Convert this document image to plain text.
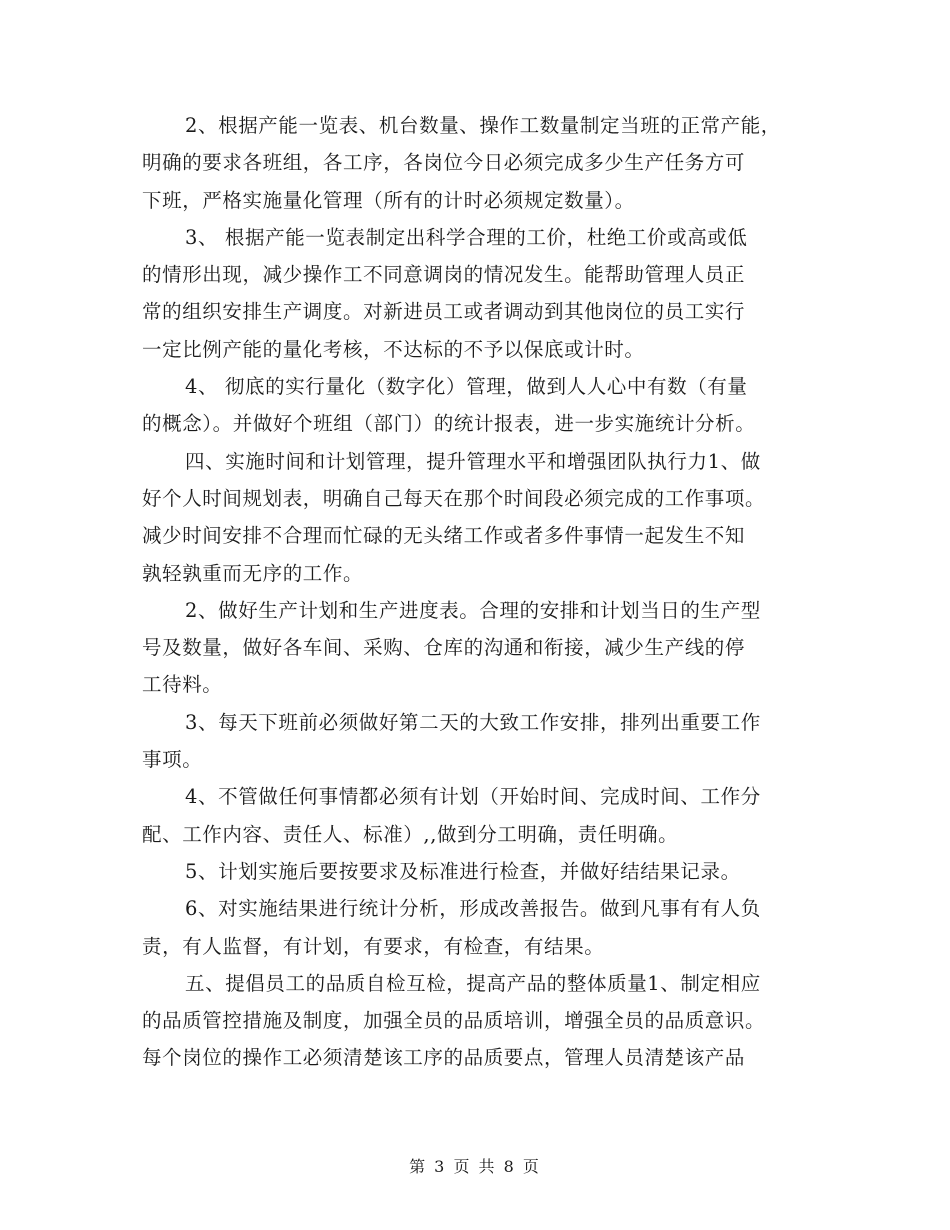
2、根据产能一览表、机台数量、操作工数量制定当班的正常产能，
明确的要求各班组，各工序，各岗位今日必须完成多少生产任务方可
下班，严格实施量化管理（所有的计时必须规定数量）。
3、 根据产能一览表制定出科学合理的工价，杜绝工价或高或低
的情形出现，减少操作工不同意调岗的情况发生。能帮助管理人员正
常的组织安排生产调度。对新进员工或者调动到其他岗位的员工实行
一定比例产能的量化考核，不达标的不予以保底或计时。
4、 彻底的实行量化（数字化）管理，做到人人心中有数（有量
的概念）。并做好个班组（部门）的统计报表，进一步实施统计分析。
四、实施时间和计划管理，提升管理水平和增强团队执行力1、做
好个人时间规划表，明确自己每天在那个时间段必须完成的工作事项。
减少时间安排不合理而忙碌的无头绪工作或者多件事情一起发生不知
孰轻孰重而无序的工作。
2、做好生产计划和生产进度表。合理的安排和计划当日的生产型
号及数量，做好各车间、采购、仓库的沟通和衔接，减少生产线的停
工待料。
3、每天下班前必须做好第二天的大致工作安排，排列出重要工作
事项。
4、不管做任何事情都必须有计划（开始时间、完成时间、工作分
配、工作内容、责任人、标准）,,做到分工明确，责任明确。
5、计划实施后要按要求及标准进行检查，并做好结结果记录。
6、对实施结果进行统计分析，形成改善报告。做到凡事有有人负
责，有人监督，有计划，有要求，有检查，有结果。
五、提倡员工的品质自检互检，提高产品的整体质量1、制定相应
的品质管控措施及制度，加强全员的品质培训，增强全员的品质意识。
每个岗位的操作工必须清楚该工序的品质要点，管理人员清楚该产品
第 3 页 共 8 页
